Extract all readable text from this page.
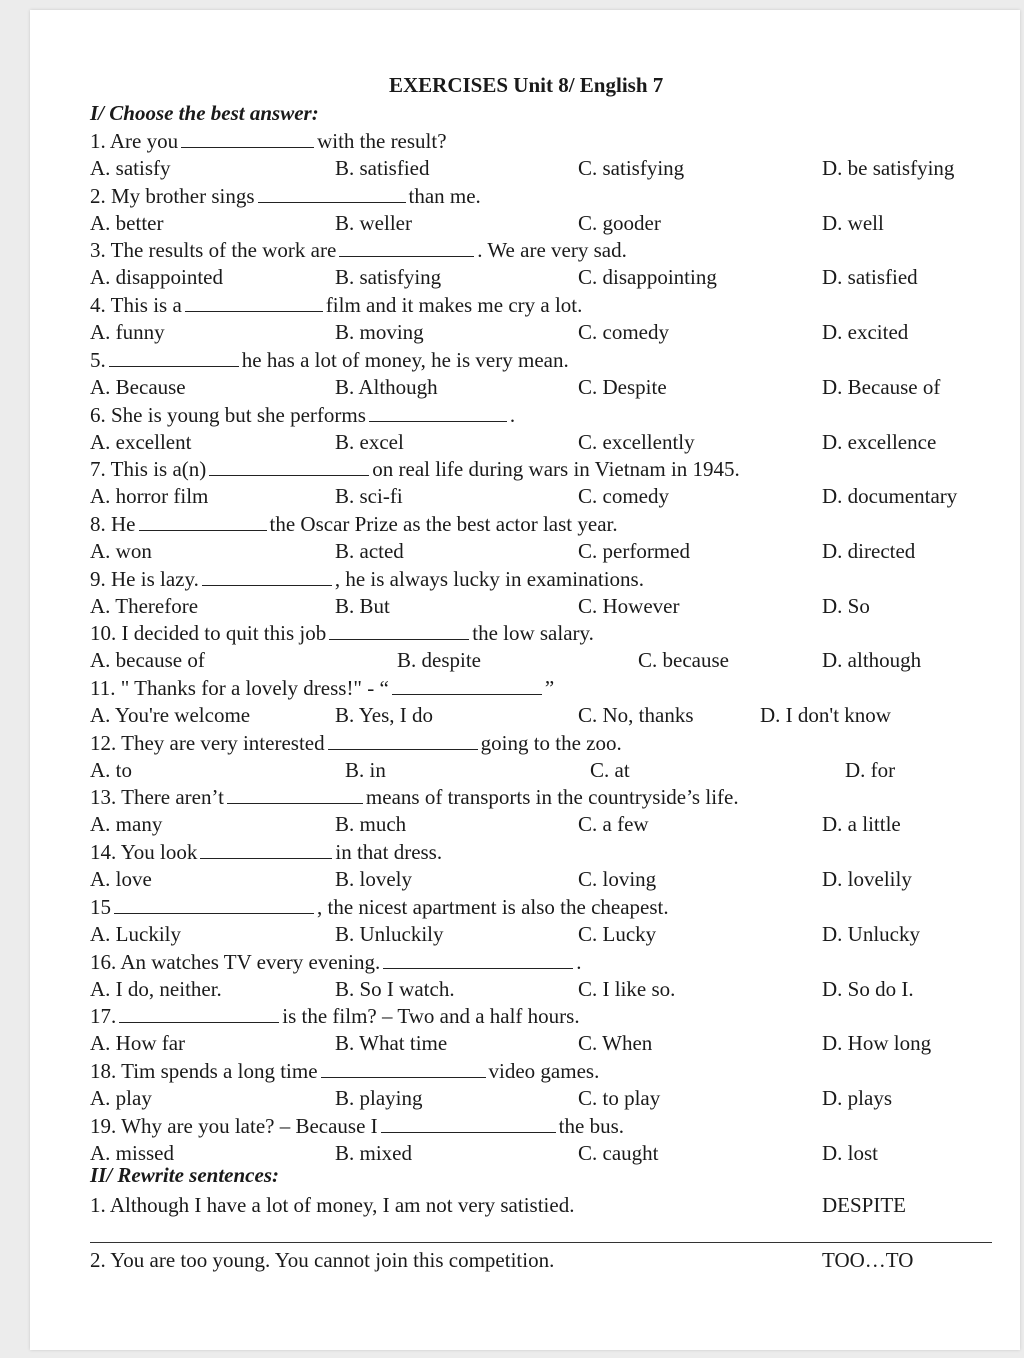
EXERCISES Unit 8/ English 7
I/ Choose the best answer:
1. Are you	with the result?
A. satisfy	B. satisfied	C. satisfying	D. be satisfying
2. My brother sings	than me.
A. better	B. weller	C. gooder	D. well
3. The results of the work are	. We are very sad.
A. disappointed	B. satisfying	C. disappointing	D. satisfied
4. This is a	film and it makes me cry a lot.
A. funny	B. moving	C. comedy	D. excited
5.	he has a lot of money, he is very mean.
A. Because	B. Although	C. Despite	D. Because of
6. She is young but she performs	.
A. excellent	B. excel	C. excellently	D. excellence
7. This is a(n)	on real life during wars in Vietnam in 1945.
A. horror film	B. sci-fi	C. comedy	D. documentary
8. He	the Oscar Prize as the best actor last year.
A. won	B. acted	C. performed	D. directed
9. He is lazy.	, he is always lucky in examinations.
A. Therefore	B. But	C. However	D. So
10. I decided to quit this job	the low salary.
A. because of	B. despite	C. because	D. although
11. " Thanks for a lovely dress!" - “	”
A. You're welcome	B. Yes, I do	C. No, thanks	D. I don't know
12. They are very interested	going to the zoo.
A. to	B. in	C. at	D. for
13. There aren’t	means of transports in the countryside’s life.
A. many	B. much	C. a few	D. a little
14. You look	in that dress.
A. love	B. lovely	C. loving	D. lovelily
15	, the nicest apartment is also the cheapest.
A. Luckily	B. Unluckily	C. Lucky	D. Unlucky
16. An watches TV every evening.	.
A. I do, neither.	B. So I watch.	C. I like so.	D. So do I.
17.	is the film? – Two and a half hours.
A. How far	B. What time	C. When	D. How long
18. Tim spends a long time	video games.
A. play	B. playing	C. to play	D. plays
19. Why are you late? – Because I	the bus.
A. missed	B. mixed	C. caught	D. lost
II/ Rewrite sentences:
1. Although I have a lot of money, I am not very satistied.	DESPITE
2. You are too young. You cannot join this competition.	TOO…TO
